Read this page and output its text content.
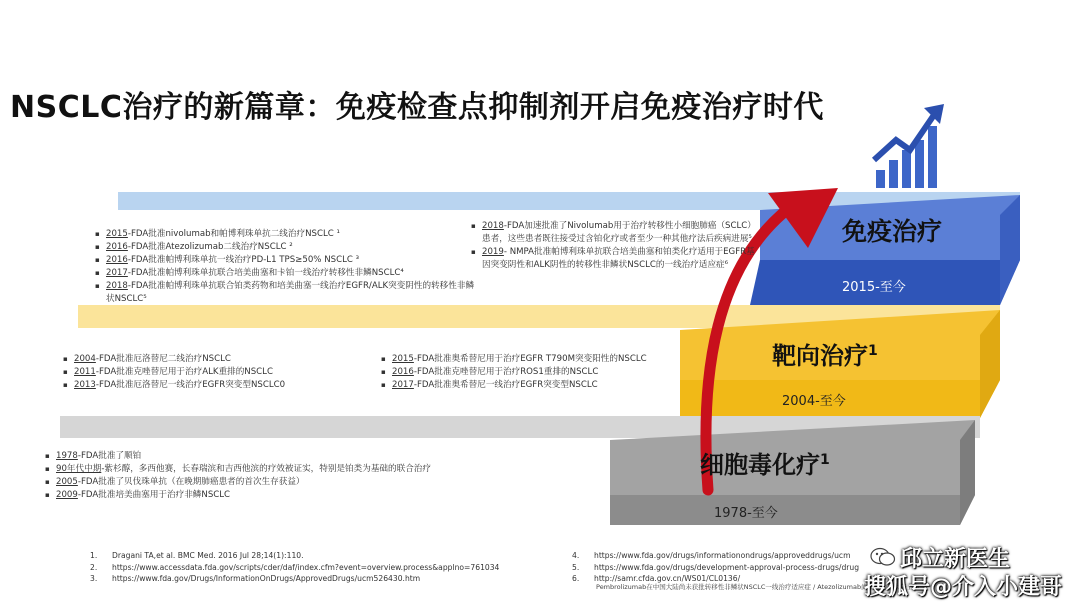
NSCLC治疗的新篇章：免疫检查点抑制剂开启免疫治疗时代
免疫治疗
2015-至今
靶向治疗$^1$
2004-至今
细胞毒化疗$^1$
1978-至今
▪ 2015-FDA批准nivolumab和帕博利珠单抗二线治疗NSCLC ¹
▪ 2016-FDA批准Atezolizumab二线治疗NSCLC ²
▪ 2016-FDA批准帕博利珠单抗一线治疗PD-L1 TPS≥50% NSCLC ³
▪ 2017-FDA批准帕博利珠单抗联合培美曲塞和卡铂一线治疗转移性非鳞NSCLC⁴
▪ 2018-FDA批准帕博利珠单抗联合铂类药物和培美曲塞一线治疗EGFR/ALK突变阴性的转移性非鳞状NSCLC⁵
▪ 2018-FDA加速批准了Nivolumab用于治疗转移性小细胞肺癌（SCLC）患者，这些患者既往接受过含铂化疗或者至少一种其他疗法后疾病进展⁵
▪ 2019- NMPA批准帕博利珠单抗联合培美曲塞和铂类化疗适用于EGFR基因突变阴性和ALK阴性的转移性非鳞状NSCLC的一线治疗适应症⁶
▪ 2004-FDA批准厄洛替尼二线治疗NSCLC
▪ 2011-FDA批准克唑替尼用于治疗ALK重排的NSCLC
▪ 2013-FDA批准厄洛替尼一线治疗EGFR突变型NSCLC0
▪ 2015-FDA批准奥希替尼用于治疗EGFR T790M突变阳性的NSCLC
▪ 2016-FDA批准克唑替尼用于治疗ROS1重排的NSCLC
▪ 2017-FDA批准奥希替尼一线治疗EGFR突变型NSCLC
▪ 1978-FDA批准了顺铂
▪ 90年代中期-紫杉醇，多西他赛，长春瑞滨和吉西他滨的疗效被证实，特别是铂类为基础的联合治疗
▪ 2005-FDA批准了贝伐珠单抗（在晚期肺癌患者的首次生存获益）
▪ 2009-FDA批准培美曲塞用于治疗非鳞NSCLC
1.	Dragani TA,et al. BMC Med. 2016 Jul 28;14(1):110.
2.	https://www.accessdata.fda.gov/scripts/cder/daf/index.cfm?event=overview.process&applno=761034
3.	https://www.fda.gov/Drugs/InformationOnDrugs/ApprovedDrugs/ucm526430.htm
4.	https://www.fda.gov/drugs/informationondrugs/approveddrugs/ucm
5.	https://www.fda.gov/drugs/development-approval-process-drugs/drug
6.	http://samr.cfda.gov.cn/WS01/CL0136/
Pembrolizumab在中国大陆尚未获批转移性非鳞状NSCLC一线治疗适应症 / Atezolizumab尚未在中国大陆上市
邱立新医生
搜狐号@介入小建哥
